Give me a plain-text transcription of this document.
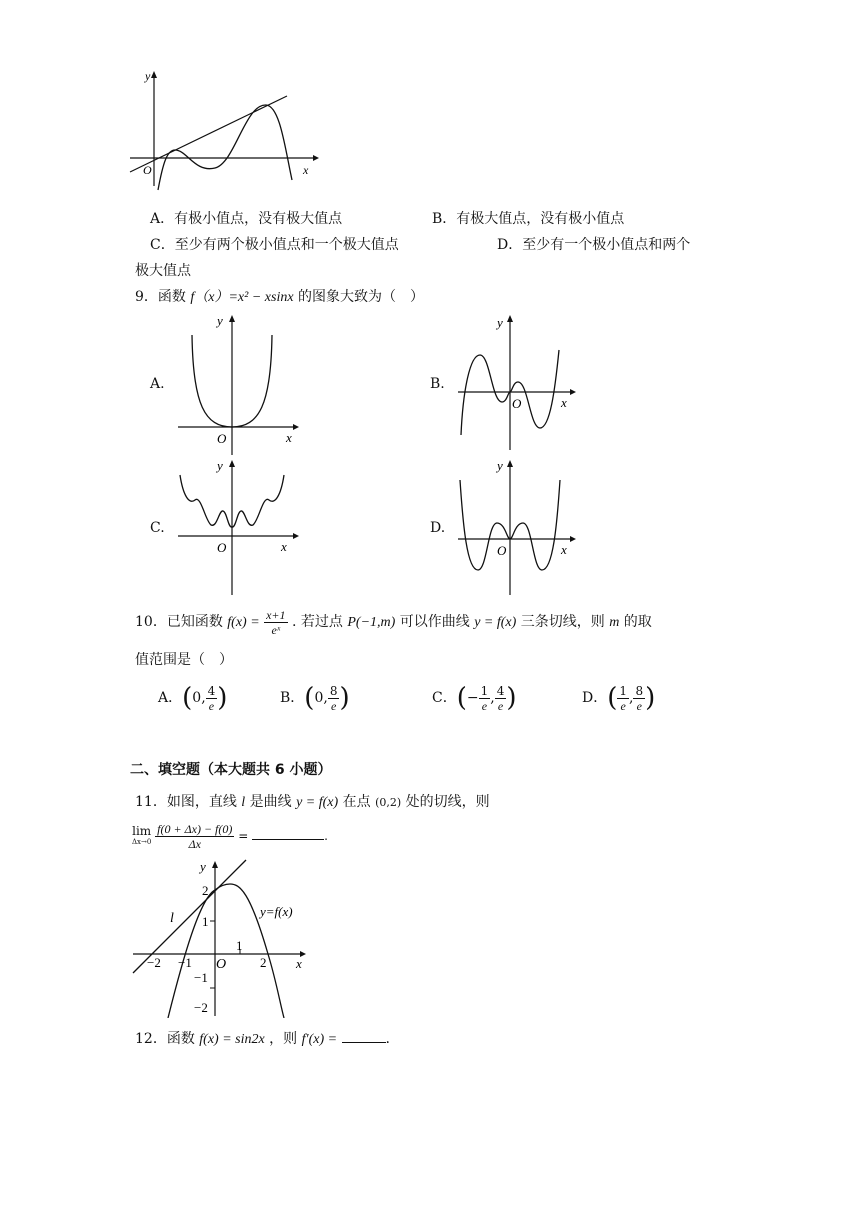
y
x
O
A．有极小值点，没有极大值点	B．有极大值点，没有极小值点
C．至少有两个极小值点和一个极大值点	D．至少有一个极小值点和两个
极大值点
9．函数 f（x）=x² − xsinx 的图象大致为（　）
A.	B.
C.	D.
y
x
O
y
x
O
y
x
O
y
x
O
10．已知函数 $f(x) = \frac{x+1}{\text{eˣ}}$ . 若过点 P(−1,m) 可以作曲线 y = f(x) 三条切线，则 m 的取
值范围是（　）
A．(0, $\frac{4}{e}$ )	B．(0, $\frac{8}{e}$ )	C．(− $\frac{1}{e}$ , $\frac{4}{e}$ )	D．( $\frac{1}{e}$ , $\frac{8}{e}$ )
二、填空题（本大题共 6 小题）
11．如图，直线 l 是曲线 y = f(x) 在点 (0,2) 处的切线，则
lim
Δx→0
$\frac{f(0 + \Delta x) - f(0)}{\Delta x}$ =	.
−2 −1
1
2
2
1
−1
−2
y
x
O
l	y=f(x)
12．函数 f(x) = sin2x ，则 f′(x) =	.
